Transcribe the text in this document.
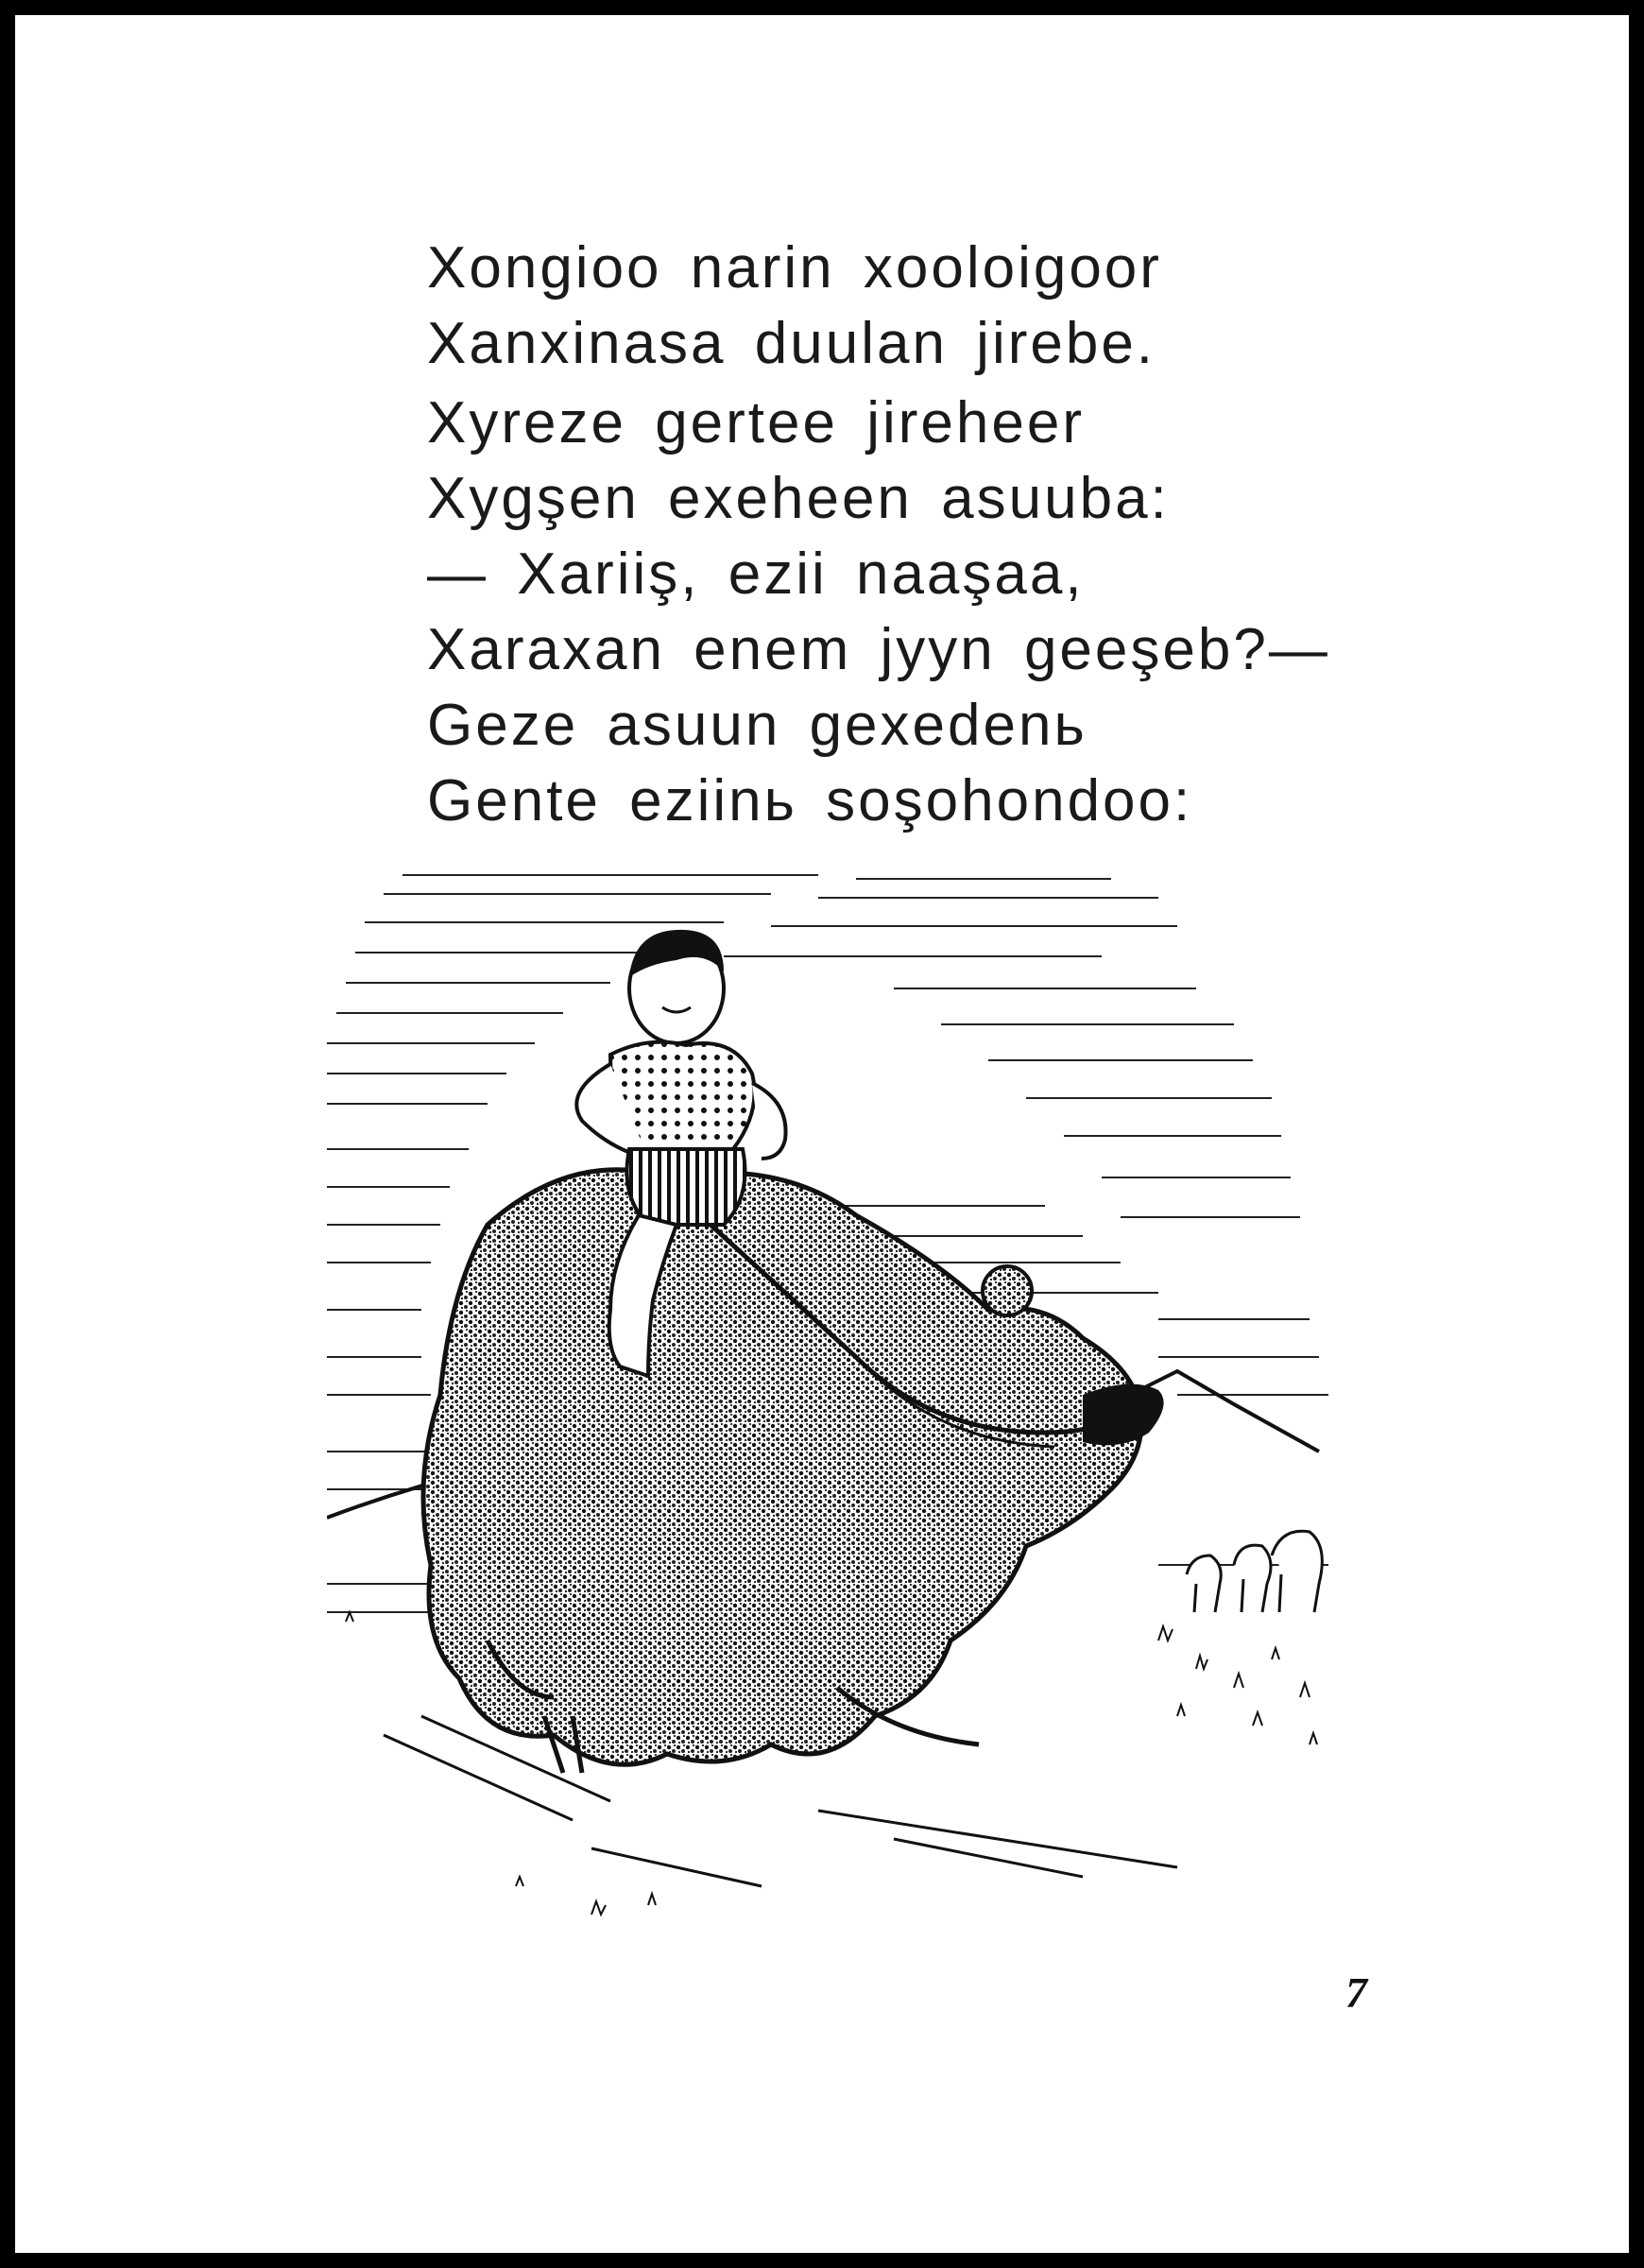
Xongioo narin xooloigoor
Xanxinasa duulan jirebe.
Xyreze gertee jireheer
Xygşen exeheen asuuba:
— Xariiş, ezii naaşaa,
Xaraxan enem jyyn geeşeb?—
Geze asuun gexedenь
Gente eziinь soşohondoo:
7
